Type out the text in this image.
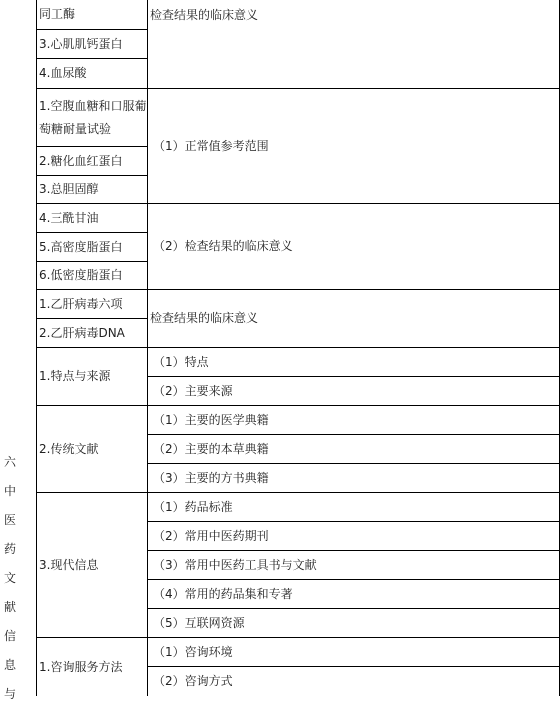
同工酶
3.心肌肌钙蛋白
4.血尿酸
检查结果的临床意义
1.空腹血糖和口服葡萄糖耐量试验
2.糖化血红蛋白
3.总胆固醇
（1）正常值参考范围
4.三酰甘油
5.高密度脂蛋白
6.低密度脂蛋白
（2）检查结果的临床意义
1.乙肝病毒六项
2.乙肝病毒DNA
检查结果的临床意义
六
中
医
药
文
献
信
息
与
1.特点与来源
（1）特点
（2）主要来源
2.传统文献
（1）主要的医学典籍
（2）主要的本草典籍
（3）主要的方书典籍
3.现代信息
（1）药品标准
（2）常用中医药期刊
（3）常用中医药工具书与文献
（4）常用的药品集和专著
（5）互联网资源
1.咨询服务方法
（1）咨询环境
（2）咨询方式
